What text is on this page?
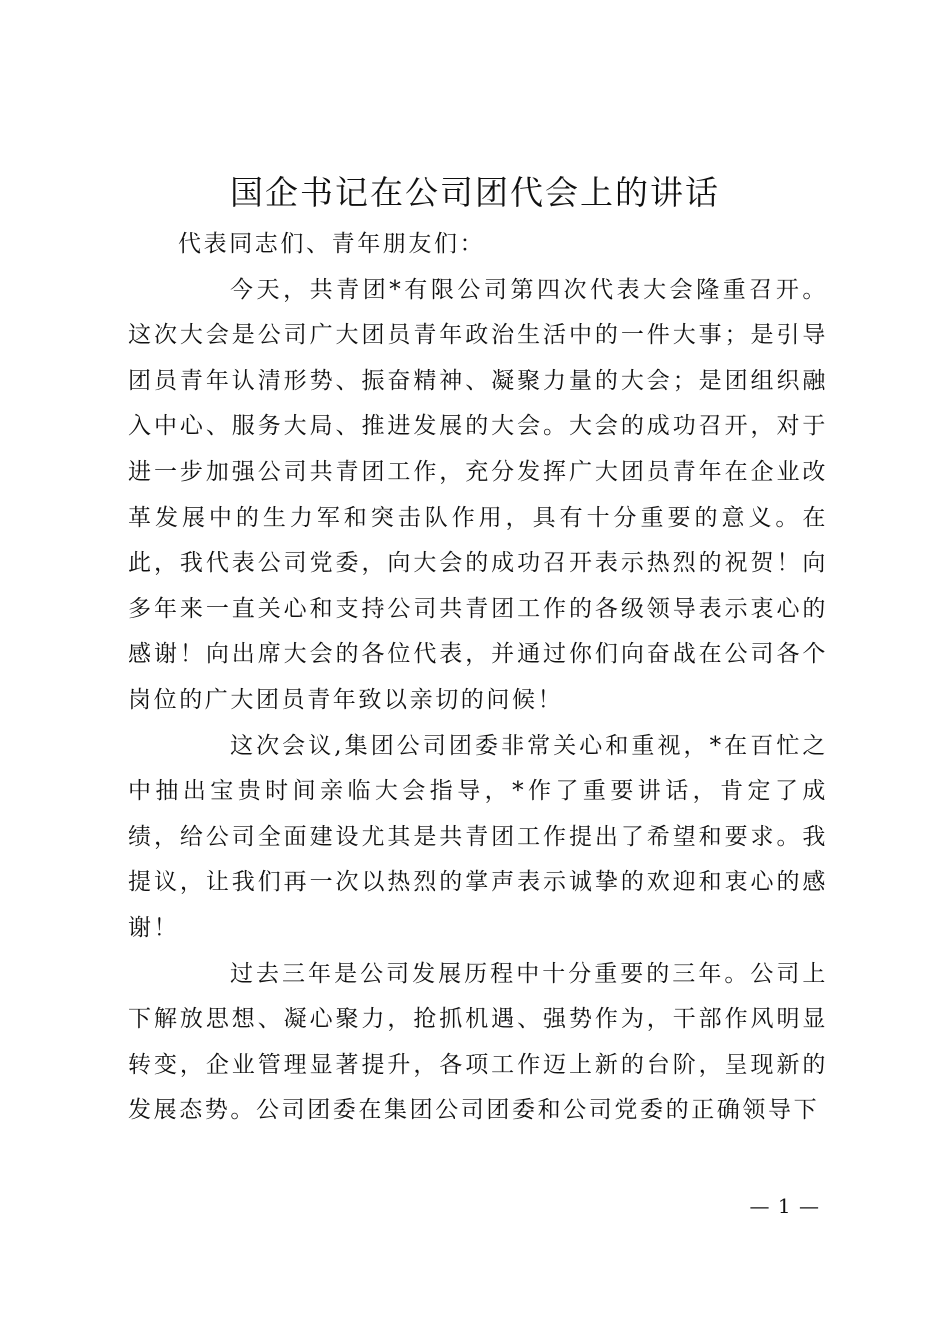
国企书记在公司团代会上的讲话

代表同志们、青年朋友们：

今天，共青团*有限公司第四次代表大会隆重召开。这次大会是公司广大团员青年政治生活中的一件大事；是引导团员青年认清形势、振奋精神、凝聚力量的大会；是团组织融入中心、服务大局、推进发展的大会。大会的成功召开，对于进一步加强公司共青团工作，充分发挥广大团员青年在企业改革发展中的生力军和突击队作用，具有十分重要的意义。在此，我代表公司党委，向大会的成功召开表示热烈的祝贺！向多年来一直关心和支持公司共青团工作的各级领导表示衷心的感谢！向出席大会的各位代表，并通过你们向奋战在公司各个岗位的广大团员青年致以亲切的问候！

这次会议,集团公司团委非常关心和重视，*在百忙之中抽出宝贵时间亲临大会指导，*作了重要讲话，肯定了成绩，给公司全面建设尤其是共青团工作提出了希望和要求。我提议，让我们再一次以热烈的掌声表示诚挚的欢迎和衷心的感谢！

过去三年是公司发展历程中十分重要的三年。公司上下解放思想、凝心聚力，抢抓机遇、强势作为，干部作风明显转变，企业管理显著提升，各项工作迈上新的台阶，呈现新的发展态势。公司团委在集团公司团委和公司党委的正确领导下

— 1 —
